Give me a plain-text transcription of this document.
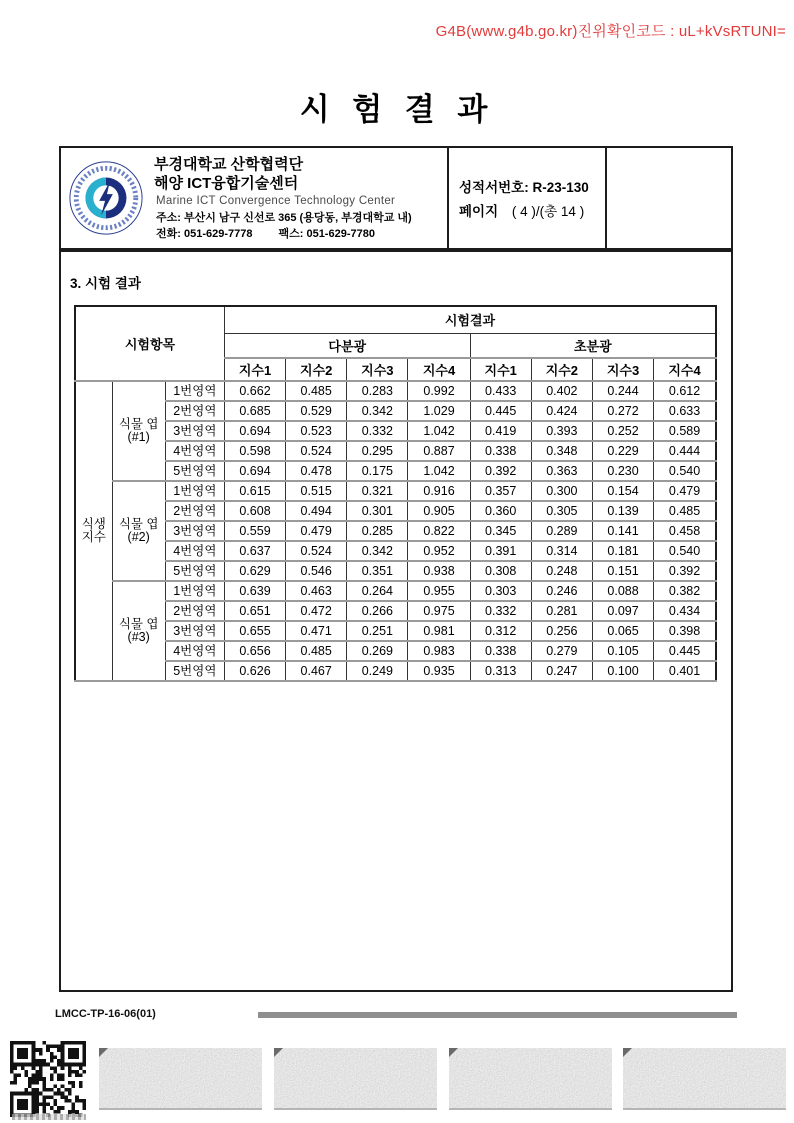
G4B(www.g4b.go.kr)진위확인코드 : uL+kVsRTUNI=
시 험 결 과
부경대학교 산학협력단
해양 ICT융합기술센터
Marine ICT Convergence Technology Center
주소: 부산시 남구 신선로 365 (용당동, 부경대학교 내)
전화: 051-629-7778 팩스: 051-629-7780
성적서번호: R-23-130
페이지 ( 4 )/(총 14 )
3. 시험 결과
시험항목			시험결과							
			다분광				초분광			
			지수1	지수2	지수3	지수4	지수1	지수2	지수3	지수4

식생
지수

식물 엽
(#1)
	1번영역	0.662	0.485	0.283	0.992	0.433	0.402	0.244	0.612
		2번영역	0.685	0.529	0.342	1.029	0.445	0.424	0.272	0.633
		3번영역	0.694	0.523	0.332	1.042	0.419	0.393	0.252	0.589
		4번영역	0.598	0.524	0.295	0.887	0.338	0.348	0.229	0.444
		5번영역	0.694	0.478	0.175	1.042	0.392	0.363	0.230	0.540

	식물 엽
(#2)	1번영역	0.615	0.515	0.321	0.916	0.357	0.300	0.154	0.479
		2번영역	0.608	0.494	0.301	0.905	0.360	0.305	0.139	0.485
		3번영역	0.559	0.479	0.285	0.822	0.345	0.289	0.141	0.458
		4번영역	0.637	0.524	0.342	0.952	0.391	0.314	0.181	0.540
		5번영역	0.629	0.546	0.351	0.938	0.308	0.248	0.151	0.392

	식물 엽
(#3)	1번영역	0.639	0.463	0.264	0.955	0.303	0.246	0.088	0.382
		2번영역	0.651	0.472	0.266	0.975	0.332	0.281	0.097	0.434
		3번영역	0.655	0.471	0.251	0.981	0.312	0.256	0.065	0.398
		4번영역	0.656	0.485	0.269	0.983	0.338	0.279	0.105	0.445
		5번영역	0.626	0.467	0.249	0.935	0.313	0.247	0.100	0.401
LMCC-TP-16-06(01)
